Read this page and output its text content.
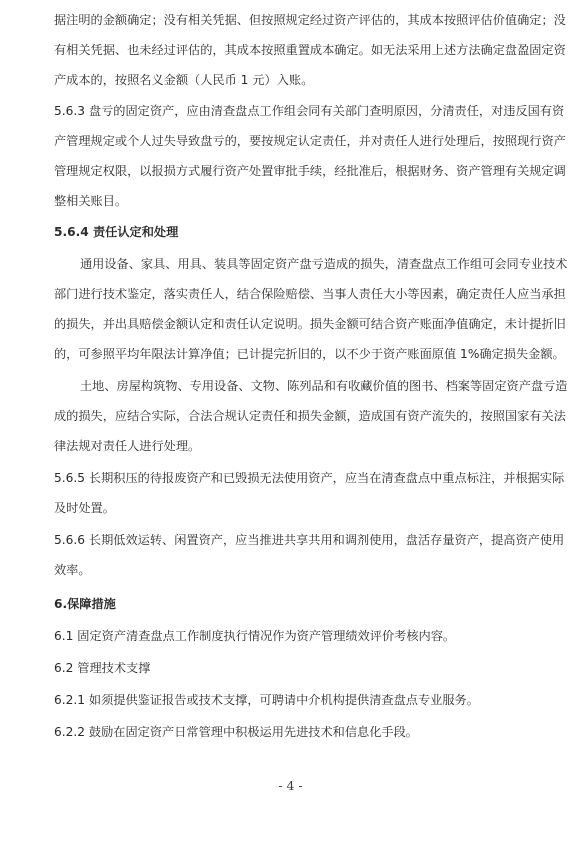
据注明的金额确定；没有相关凭据、但按照规定经过资产评估的，其成本按照评估价值确定；没
有相关凭据、也未经过评估的，其成本按照重置成本确定。如无法采用上述方法确定盘盈固定资
产成本的，按照名义金额（人民币 1 元）入账。
5.6.3 盘亏的固定资产，应由清查盘点工作组会同有关部门查明原因，分清责任，对违反国有资
产管理规定或个人过失导致盘亏的，要按规定认定责任，并对责任人进行处理后，按照现行资产
管理规定权限，以报损方式履行资产处置审批手续，经批准后，根据财务、资产管理有关规定调
整相关账目。
5.6.4 责任认定和处理
通用设备、家具、用具、装具等固定资产盘亏造成的损失，清查盘点工作组可会同专业技术
部门进行技术鉴定，落实责任人，结合保险赔偿、当事人责任大小等因素，确定责任人应当承担
的损失，并出具赔偿金额认定和责任认定说明。损失金额可结合资产账面净值确定，未计提折旧
的，可参照平均年限法计算净值；已计提完折旧的，以不少于资产账面原值 1%确定损失金额。
土地、房屋构筑物、专用设备、文物、陈列品和有收藏价值的图书、档案等固定资产盘亏造
成的损失，应结合实际，合法合规认定责任和损失金额，造成国有资产流失的，按照国家有关法
律法规对责任人进行处理。
5.6.5 长期积压的待报废资产和已毁损无法使用资产，应当在清查盘点中重点标注，并根据实际
及时处置。
5.6.6 长期低效运转、闲置资产，应当推进共享共用和调剂使用，盘活存量资产，提高资产使用
效率。
6.保障措施
6.1 固定资产清查盘点工作制度执行情况作为资产管理绩效评价考核内容。
6.2 管理技术支撑
6.2.1 如须提供鉴证报告或技术支撑，可聘请中介机构提供清查盘点专业服务。
6.2.2 鼓励在固定资产日常管理中积极运用先进技术和信息化手段。
- 4 -
